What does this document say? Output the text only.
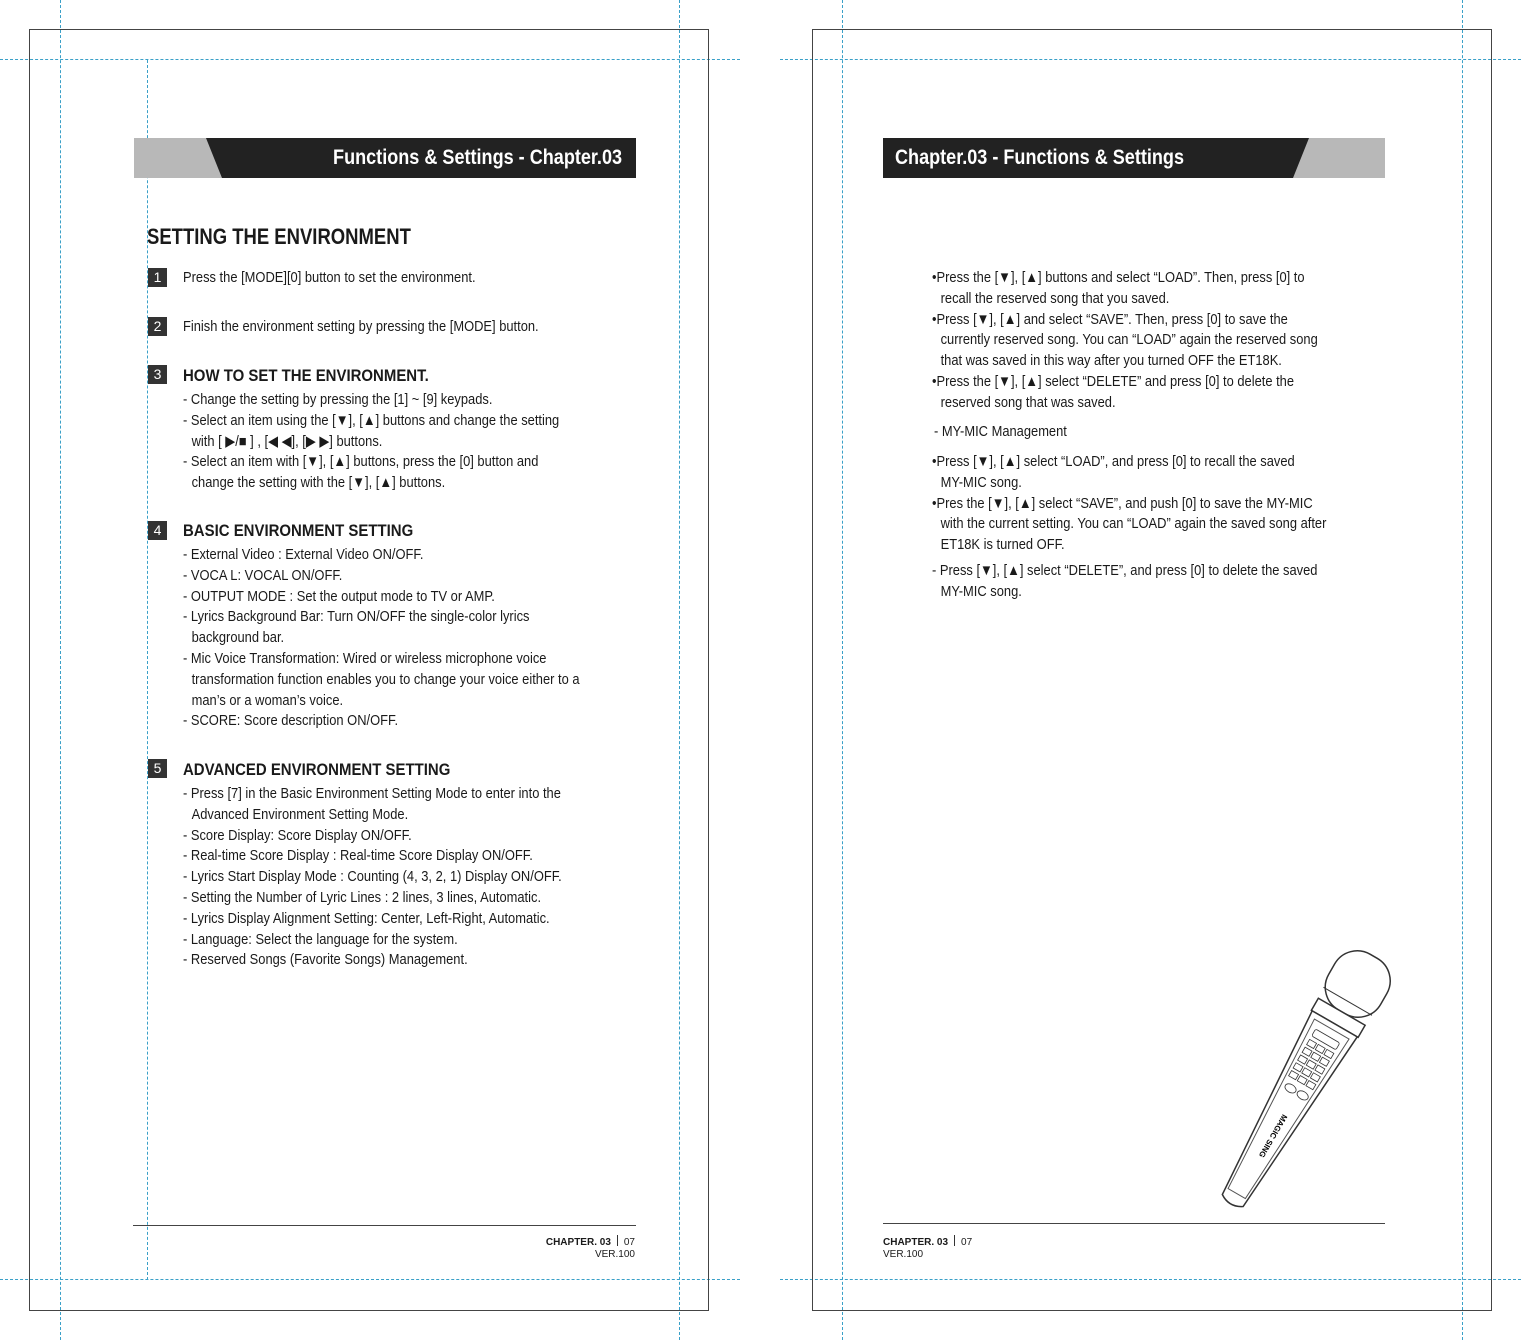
Functions & Settings - Chapter.03
SETTING THE ENVIRONMENT
1	Press the [MODE][0] button to set the environment.
2	Finish the environment setting by pressing the [MODE] button.
3	HOW TO SET THE ENVIRONMENT.
- Change the setting by pressing the [1] ~ [9] keypads.
- Select an item using the [▼], [▲] buttons and change the setting
with [ ▶/■ ] , [◀ ◀], [▶ ▶] buttons.
- Select an item with [▼], [▲] buttons, press the [0] button and
change the setting with the [▼], [▲] buttons.
4	BASIC ENVIRONMENT SETTING
- External Video : External Video ON/OFF.
- VOCA L: VOCAL ON/OFF.
- OUTPUT MODE : Set the output mode to TV or AMP.
- Lyrics Background Bar: Turn ON/OFF the single-color lyrics
background bar.
- Mic Voice Transformation: Wired or wireless microphone voice
transformation function enables you to change your voice either to a
man’s or a woman’s voice.
- SCORE: Score description ON/OFF.
5	ADVANCED ENVIRONMENT SETTING
- Press [7] in the Basic Environment Setting Mode to enter into the
Advanced Environment Setting Mode.
- Score Display: Score Display ON/OFF.
- Real-time Score Display : Real-time Score Display ON/OFF.
- Lyrics Start Display Mode : Counting (4, 3, 2, 1) Display ON/OFF.
- Setting the Number of Lyric Lines : 2 lines, 3 lines, Automatic.
- Lyrics Display Alignment Setting: Center, Left-Right, Automatic.
- Language: Select the language for the system.
- Reserved Songs (Favorite Songs) Management.
CHAPTER. 03 07
VER.100
Chapter.03 - Functions & Settings
•Press the [▼], [▲] buttons and select “LOAD”. Then, press [0] to
recall the reserved song that you saved.
•Press [▼], [▲] and select “SAVE”. Then, press [0] to save the
currently reserved song. You can “LOAD” again the reserved song
that was saved in this way after you turned OFF the ET18K.
•Press the [▼], [▲] select “DELETE” and press [0] to delete the
reserved song that was saved.
- MY-MIC Management
•Press [▼], [▲] select “LOAD”, and press [0] to recall the saved
MY-MIC song.
•Pres the [▼], [▲] select “SAVE”, and push [0] to save the MY-MIC
with the current setting. You can “LOAD” again the saved song after
ET18K is turned OFF.
- Press [▼], [▲] select “DELETE”, and press [0] to delete the saved
MY-MIC song.
MAGIC SING
CHAPTER. 03 07
VER.100
